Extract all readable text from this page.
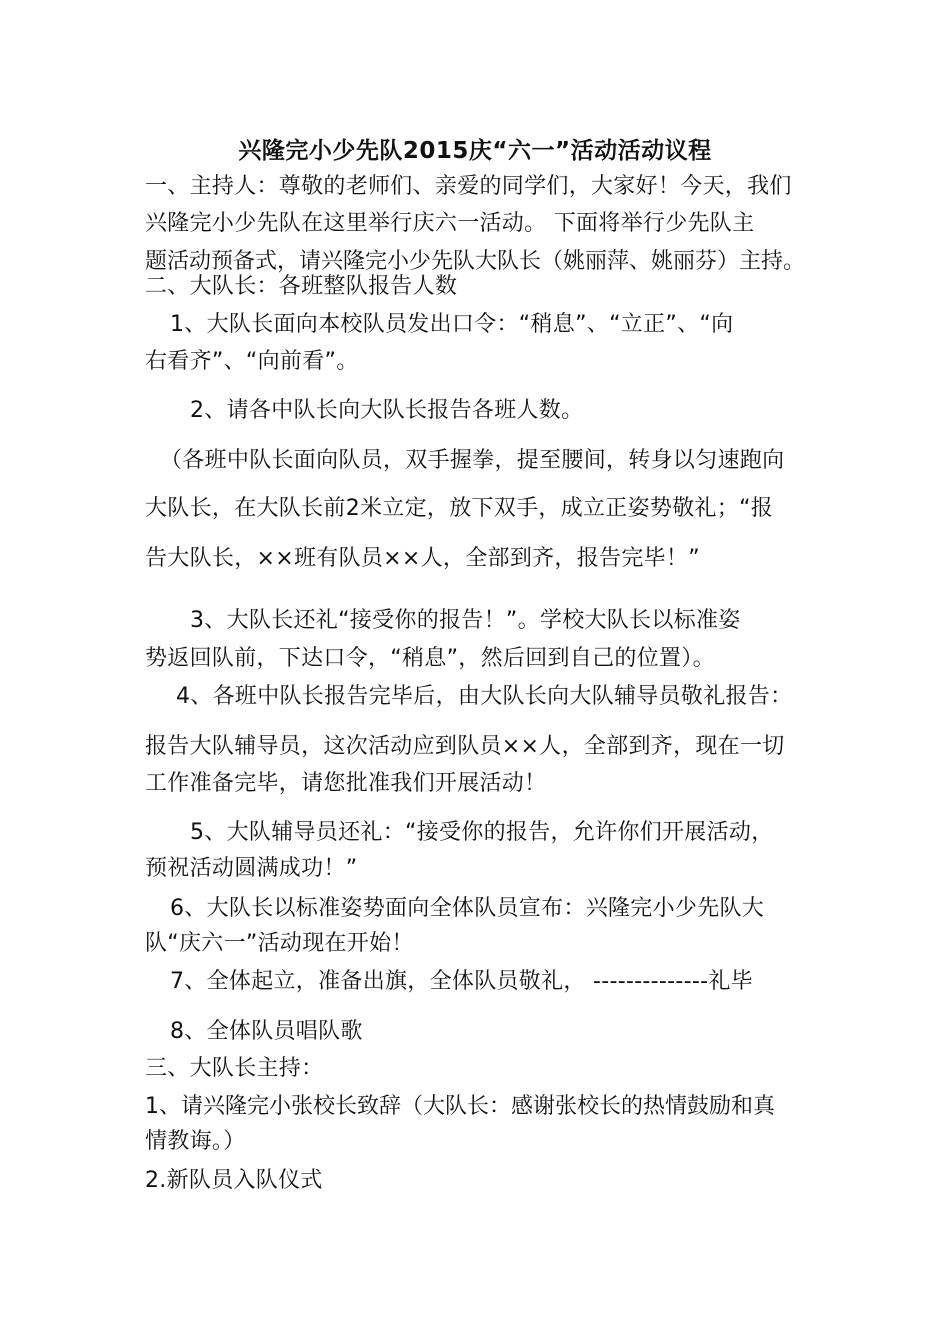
兴隆完小少先队2015庆“六一”活动活动议程
一、主持人：尊敬的老师们、亲爱的同学们，大家好！今天，我们
兴隆完小少先队在这里举行庆六一活动。 下面将举行少先队主
题活动预备式，请兴隆完小少先队大队长（姚丽萍、姚丽芬）主持。
二、大队长：各班整队报告人数
1、大队长面向本校队员发出口令：“稍息”、“立正”、“向
右看齐”、“向前看”。
2、请各中队长向大队长报告各班人数。
（各班中队长面向队员，双手握拳，提至腰间，转身以匀速跑向
大队长，在大队长前2米立定，放下双手，成立正姿势敬礼；“报
告大队长，××班有队员××人，全部到齐，报告完毕！”
3、大队长还礼“接受你的报告！”。学校大队长以标准姿
势返回队前，下达口令，“稍息”，然后回到自己的位置）。
4、各班中队长报告完毕后，由大队长向大队辅导员敬礼报告：
报告大队辅导员，这次活动应到队员××人，全部到齐，现在一切
工作准备完毕，请您批准我们开展活动！
5、大队辅导员还礼：“接受你的报告，允许你们开展活动，
预祝活动圆满成功！”
6、大队长以标准姿势面向全体队员宣布：兴隆完小少先队大
队“庆六一”活动现在开始！
7、全体起立，准备出旗，全体队员敬礼， --------------礼毕
8、全体队员唱队歌
三、大队长主持：
1、请兴隆完小张校长致辞（大队长：感谢张校长的热情鼓励和真
情教诲。）
2.新队员入队仪式
